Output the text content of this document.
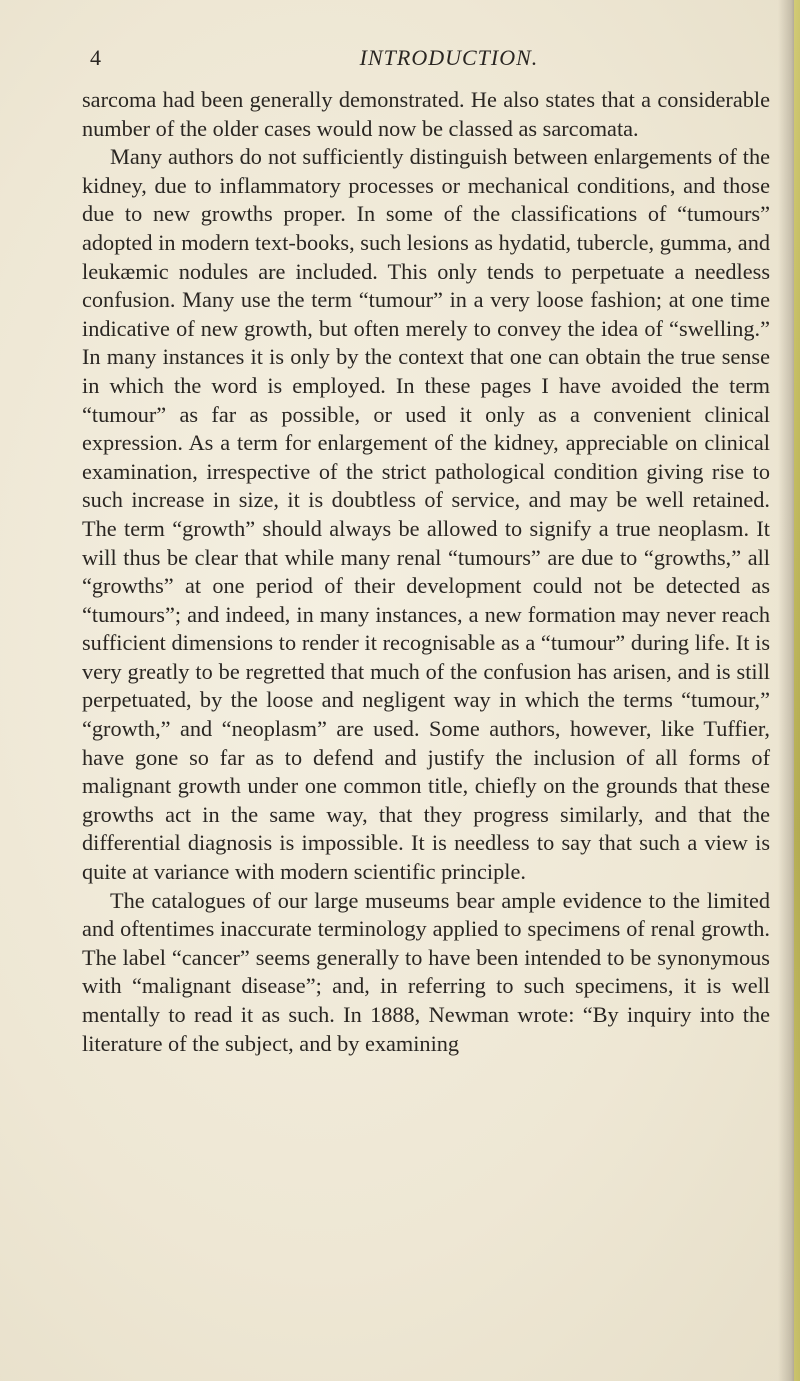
4	INTRODUCTION.

sarcoma had been generally demonstrated. He also states that a considerable number of the older cases would now be classed as sarcomata.

Many authors do not sufficiently distinguish between enlargements of the kidney, due to inflammatory processes or mechanical conditions, and those due to new growths proper. In some of the classifications of “tumours” adopted in modern text-books, such lesions as hydatid, tubercle, gumma, and leukæmic nodules are included. This only tends to perpetuate a needless confusion. Many use the term “tumour” in a very loose fashion; at one time indicative of new growth, but often merely to convey the idea of “swelling.” In many instances it is only by the context that one can obtain the true sense in which the word is employed. In these pages I have avoided the term “tumour” as far as possible, or used it only as a convenient clinical expression. As a term for enlargement of the kidney, appreciable on clinical examination, irrespective of the strict pathological condition giving rise to such increase in size, it is doubtless of service, and may be well retained. The term “growth” should always be allowed to signify a true neoplasm. It will thus be clear that while many renal “tumours” are due to “growths,” all “growths” at one period of their development could not be detected as “tumours”; and indeed, in many instances, a new formation may never reach sufficient dimensions to render it recognisable as a “tumour” during life. It is very greatly to be regretted that much of the confusion has arisen, and is still perpetuated, by the loose and negligent way in which the terms “tumour,” “growth,” and “neoplasm” are used. Some authors, however, like Tuffier, have gone so far as to defend and justify the inclusion of all forms of malignant growth under one common title, chiefly on the grounds that these growths act in the same way, that they progress similarly, and that the differential diagnosis is impossible. It is needless to say that such a view is quite at variance with modern scientific principle.

The catalogues of our large museums bear ample evidence to the limited and oftentimes inaccurate terminology applied to specimens of renal growth. The label “cancer” seems generally to have been intended to be synonymous with “malignant disease”; and, in referring to such specimens, it is well mentally to read it as such. In 1888, Newman wrote: “By inquiry into the literature of the subject, and by examining
